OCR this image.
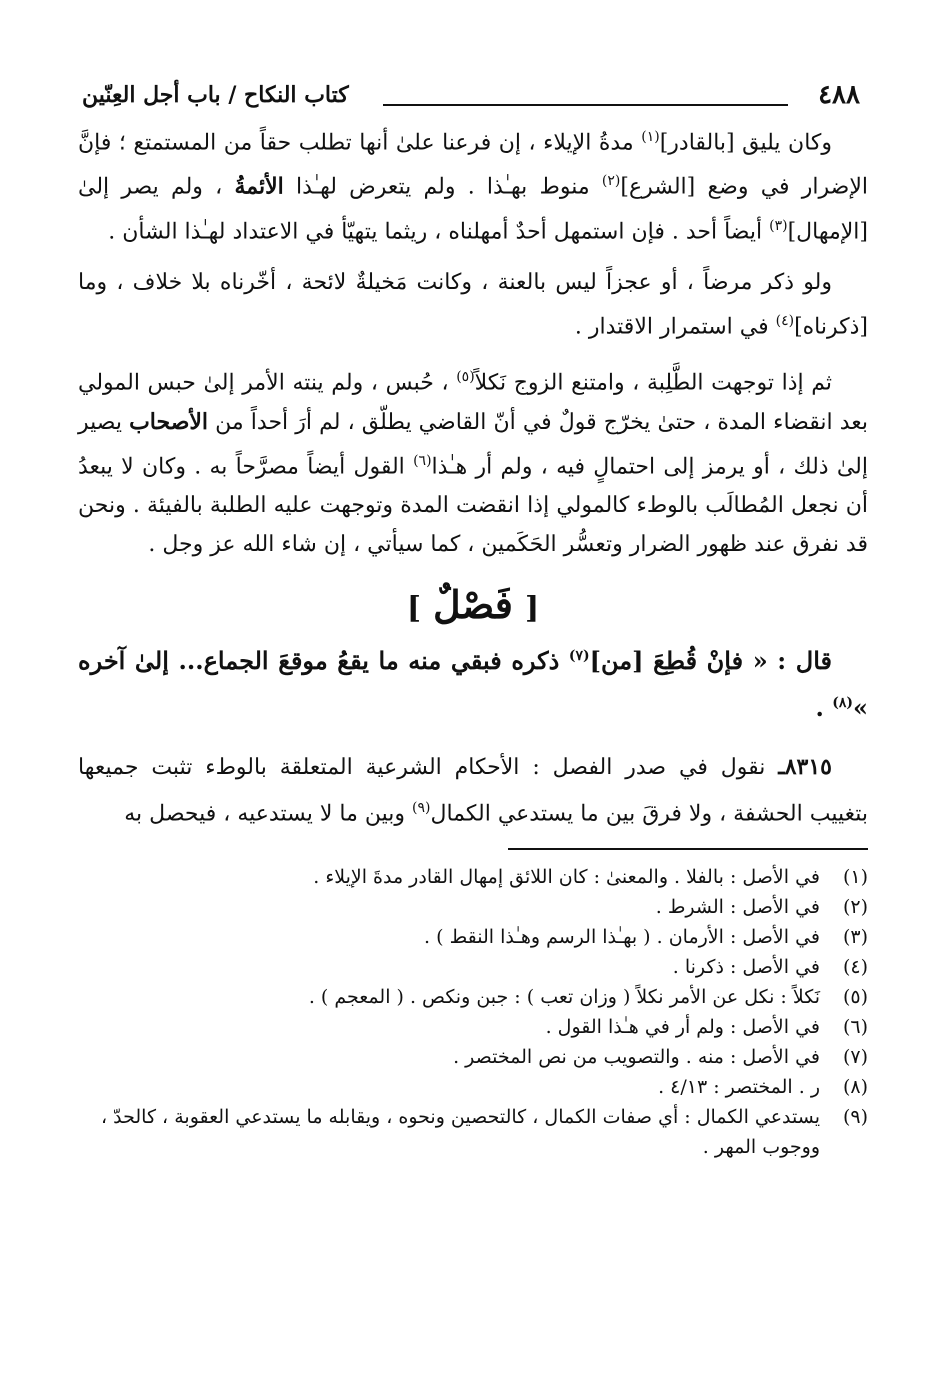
٤٨٨
كتاب النكاح / باب أجل العِنّين

وكان يليق [بالقادر]$^{(١)}$ مدةُ الإيلاء ، إن فرعنا علىٰ أنها تطلب حقاً من المستمتع ؛ فإنَّ الإضرار في وضع [الشرع]$^{(٢)}$ منوط بهـٰذا . ولم يتعرض لهـٰذا الأئمةُ ، ولم يصر إلىٰ [الإمهال]$^{(٣)}$ أيضاً أحد . فإن استمهل أحدٌ أمهلناه ، ريثما يتهيّأ في الاعتداد لهـٰذا الشأن .

ولو ذكر مرضاً ، أو عجزاً ليس بالعنة ، وكانت مَخيلةٌ لائحة ، أخّرناه بلا خلاف ، وما [ذكرناه]$^{(٤)}$ في استمرار الاقتدار .

ثم إذا توجهت الطَّلِبة ، وامتنع الزوج نَكلاً$^{(٥)}$ ، حُبس ، ولم ينته الأمر إلىٰ حبس المولي بعد انقضاء المدة ، حتىٰ يخرّج قولٌ في أنّ القاضي يطلّق ، لم أرَ أحداً من الأصحاب يصير إلىٰ ذلك ، أو يرمز إلى احتمالٍ فيه ، ولم أر هـٰذا$^{(٦)}$ القول أيضاً مصرَّحاً به . وكان لا يبعدُ أن نجعل المُطالَب بالوطء كالمولي إذا انقضت المدة وتوجهت عليه الطلبة بالفيئة . ونحن قد نفرق عند ظهور الضرار وتعسُّر الحَكَمين ، كما سيأتي ، إن شاء الله عز وجل .

[فَصْلٌ]

قال : « فإنْ قُطِعَ [من]$^{(٧)}$ ذكره فبقي منه ما يقعُ موقعَ الجماع... إلىٰ آخره »$^{(٨)}$ .

٨٣١٥ـ نقول في صدر الفصل : الأحكام الشرعية المتعلقة بالوطء تثبت جميعها بتغييب الحشفة ، ولا فرقَ بين ما يستدعي الكمال$^{(٩)}$ وبين ما لا يستدعيه ، فيحصل به

(١)
في الأصل : بالفلا . والمعنىٰ : كان اللائق إمهال القادر مدةَ الإيلاء .
(٢)
في الأصل : الشرط .
(٣)
في الأصل : الأرمان . ( بهـٰذا الرسم وهـٰذا النقط ) .
(٤)
في الأصل : ذكرنا .
(٥)
نَكلاً : نكل عن الأمر نكلاً ( وزان تعب ) : جبن ونكص . ( المعجم ) .
(٦)
في الأصل : ولم أر في هـٰذا القول .
(٧)
في الأصل : منه . والتصويب من نص المختصر .
(٨)
ر . المختصر : ٤/١٣ .
(٩)
يستدعي الكمال : أي صفات الكمال ، كالتحصين ونحوه ، ويقابله ما يستدعي العقوبة ، كالحدّ ، ووجوب المهر .
